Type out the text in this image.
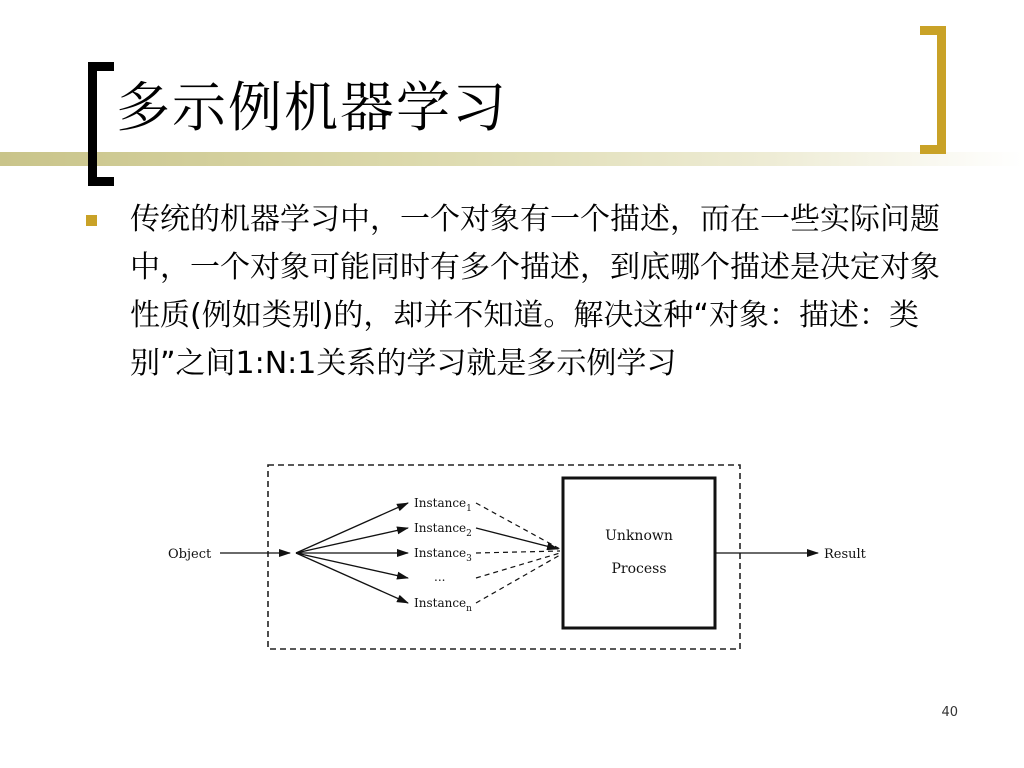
多示例机器学习

传统的机器学习中，一个对象有一个描述，而在一些实际问题中，一个对象可能同时有多个描述，到底哪个描述是决定对象性质(例如类别)的，却并不知道。解决这种“对象：描述：类别”之间1:N:1关系的学习就是多示例学习

Object
Instance$_1$
Instance$_2$
Instance$_3$
...
Instance$_n$
Unknown
Process
Result
40
